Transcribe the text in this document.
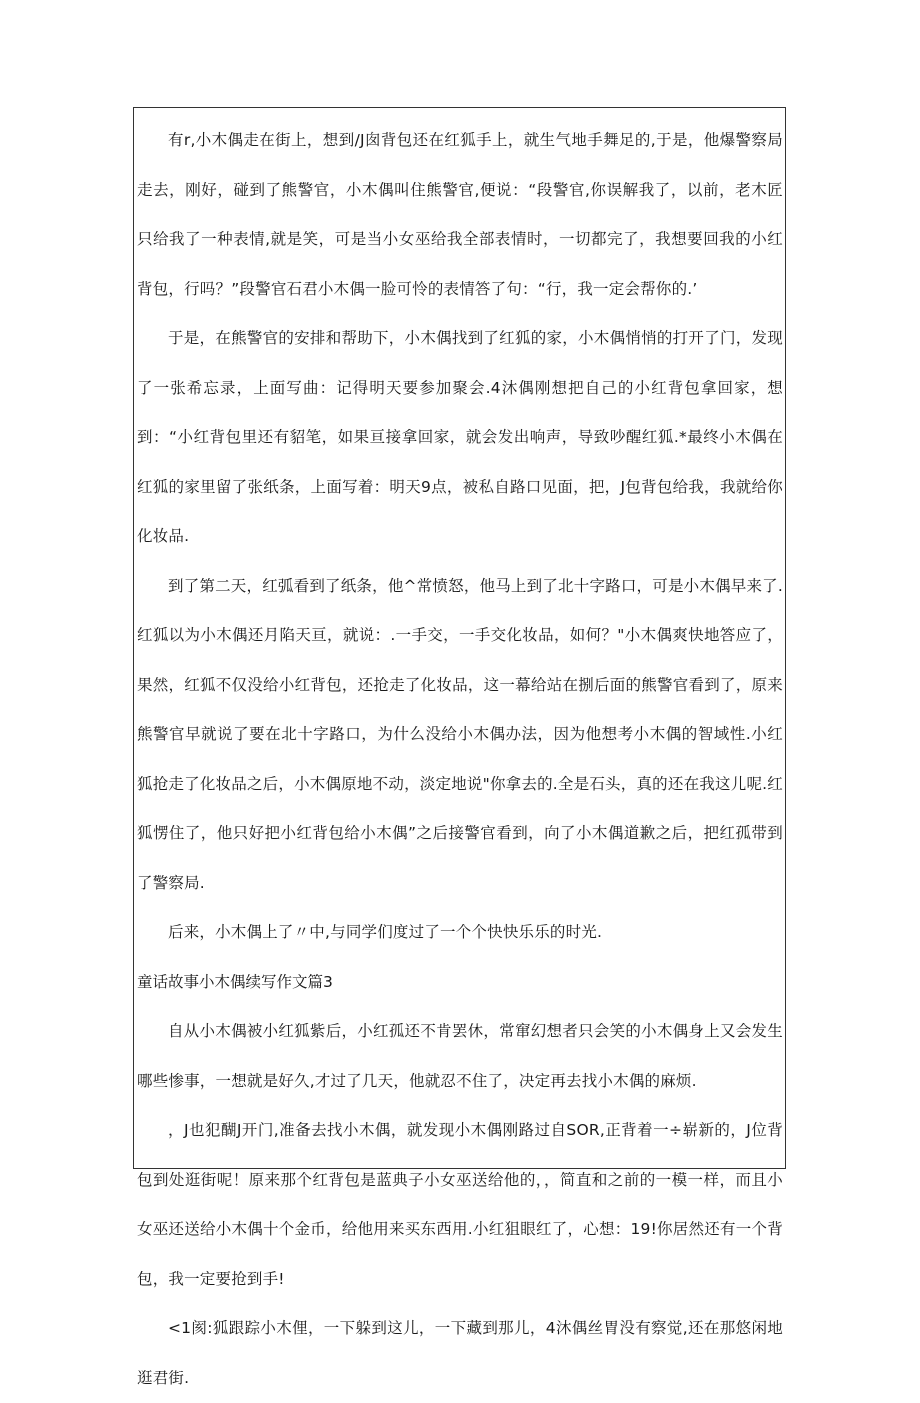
有r,小木偶走在街上，想到/J囱背包还在红狐手上，就生气地手舞足的,于是，他爆警察局走去，刚好，碰到了熊警官，小木偶叫住熊警官,便说：“段警官,你误解我了，以前，老木匠只给我了一种表情,就是笑，可是当小女巫给我全部表情时，一切都完了，我想要回我的小红背包，行吗？”段警官石君小木偶一脸可怜的表情答了句：“行，我一定会帮你的.’

于是，在熊警官的安排和帮助下，小木偶找到了红狐的家，小木偶悄悄的打开了门，发现了一张希忘录，上面写曲：记得明天要参加聚会.4沐偶刚想把自己的小红背包拿回家，想到：“小红背包里还有貂笔，如果亘接拿回家，就会发出响声，导致吵醒红狐.*最终小木偶在红狐的家里留了张纸条，上面写着：明天9点，被私自路口见面，把，J包背包给我，我就给你化妆品.

到了第二天，红弧看到了纸条，他^常愤怒，他马上到了北十字路口，可是小木偶早来了.红狐以为小木偶还月陷天亘，就说：.一手交，一手交化妆品，如何？"小木偶爽快地答应了，果然，红狐不仅没给小红背包，还抢走了化妆品，这一幕给站在捌后面的熊警官看到了，原来熊警官早就说了要在北十字路口，为什么没给小木偶办法，因为他想考小木偶的智域性.小红狐抢走了化妆品之后，小木偶原地不动，淡定地说"你拿去的.全是石头，真的还在我这儿呢.红狐愣住了，他只好把小红背包给小木偶”之后接警官看到，向了小木偶道歉之后，把红孤带到了警察局.

后来，小木偶上了〃中,与同学们度过了一个个快快乐乐的时光.

童话故事小木偶续写作文篇3

自从小木偶被小红狐紫后，小红孤还不肯罢休，常窜幻想者只会笑的小木偶身上又会发生哪些惨事，一想就是好久,才过了几天，他就忍不住了，决定再去找小木偶的麻烦.

，J也犯醐J开门,准备去找小木偶，就发现小木偶刚路过自SOR,正背着一÷崭新的，J位背包到处逛街呢！原来那个红背包是蓝典子小女巫送给他的，，简直和之前的一模一样，而且小女巫还送给小木偶十个金币，给他用来买东西用.小红狙眼红了，心想：19!你居然还有一个背包，我一定要抢到手!

<1阂:狐跟踪小木俚，一下躲到这儿，一下藏到那儿，4沐偶丝胃没有察觉,还在那悠闲地逛君街.
